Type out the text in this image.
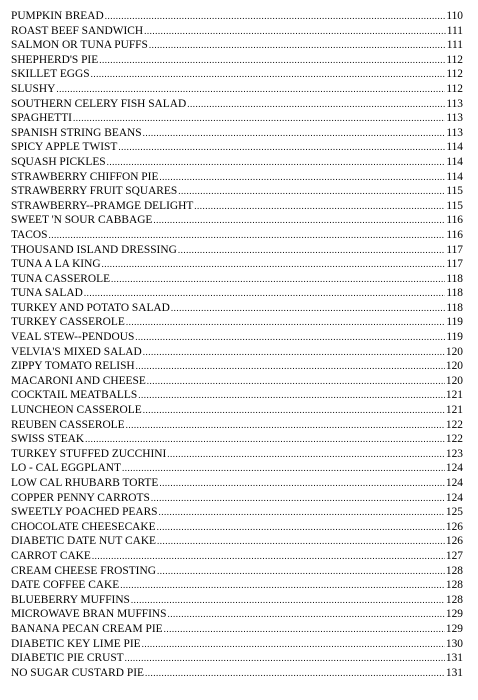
PUMPKIN BREAD .....	110
ROAST BEEF SANDWICH .....	111
SALMON OR TUNA PUFFS .....	111
SHEPHERD'S PIE .....	112
SKILLET EGGS .....	112
SLUSHY .....	112
SOUTHERN CELERY FISH SALAD .....	113
SPAGHETTI .....	113
SPANISH STRING BEANS .....	113
SPICY APPLE TWIST .....	114
SQUASH PICKLES .....	114
STRAWBERRY CHIFFON PIE .....	114
STRAWBERRY FRUIT SQUARES .....	115
STRAWBERRY--PRAMGE DELIGHT .....	115
SWEET 'N SOUR CABBAGE .....	116
TACOS .....	116
THOUSAND ISLAND DRESSING .....	117
TUNA A LA KING .....	117
TUNA CASSEROLE .....	118
TUNA SALAD .....	118
TURKEY AND POTATO SALAD .....	118
TURKEY CASSEROLE .....	119
VEAL STEW--PENDOUS .....	119
VELVIA'S MIXED SALAD .....	120
ZIPPY TOMATO RELISH .....	120
MACARONI AND CHEESE .....	120
COCKTAIL MEATBALLS .....	121
LUNCHEON CASSEROLE .....	121
REUBEN CASSEROLE .....	122
SWISS STEAK .....	122
TURKEY STUFFED ZUCCHINI .....	123
LO - CAL EGGPLANT .....	124
LOW CAL RHUBARB TORTE .....	124
COPPER PENNY CARROTS .....	124
SWEETLY POACHED PEARS .....	125
CHOCOLATE CHEESECAKE .....	126
DIABETIC DATE NUT CAKE .....	126
CARROT CAKE .....	127
CREAM CHEESE FROSTING .....	128
DATE COFFEE CAKE .....	128
BLUEBERRY MUFFINS .....	128
MICROWAVE BRAN MUFFINS .....	129
BANANA PECAN CREAM PIE .....	129
DIABETIC KEY LIME PIE .....	130
DIABETIC PIE CRUST .....	131
NO SUGAR CUSTARD PIE .....	131
